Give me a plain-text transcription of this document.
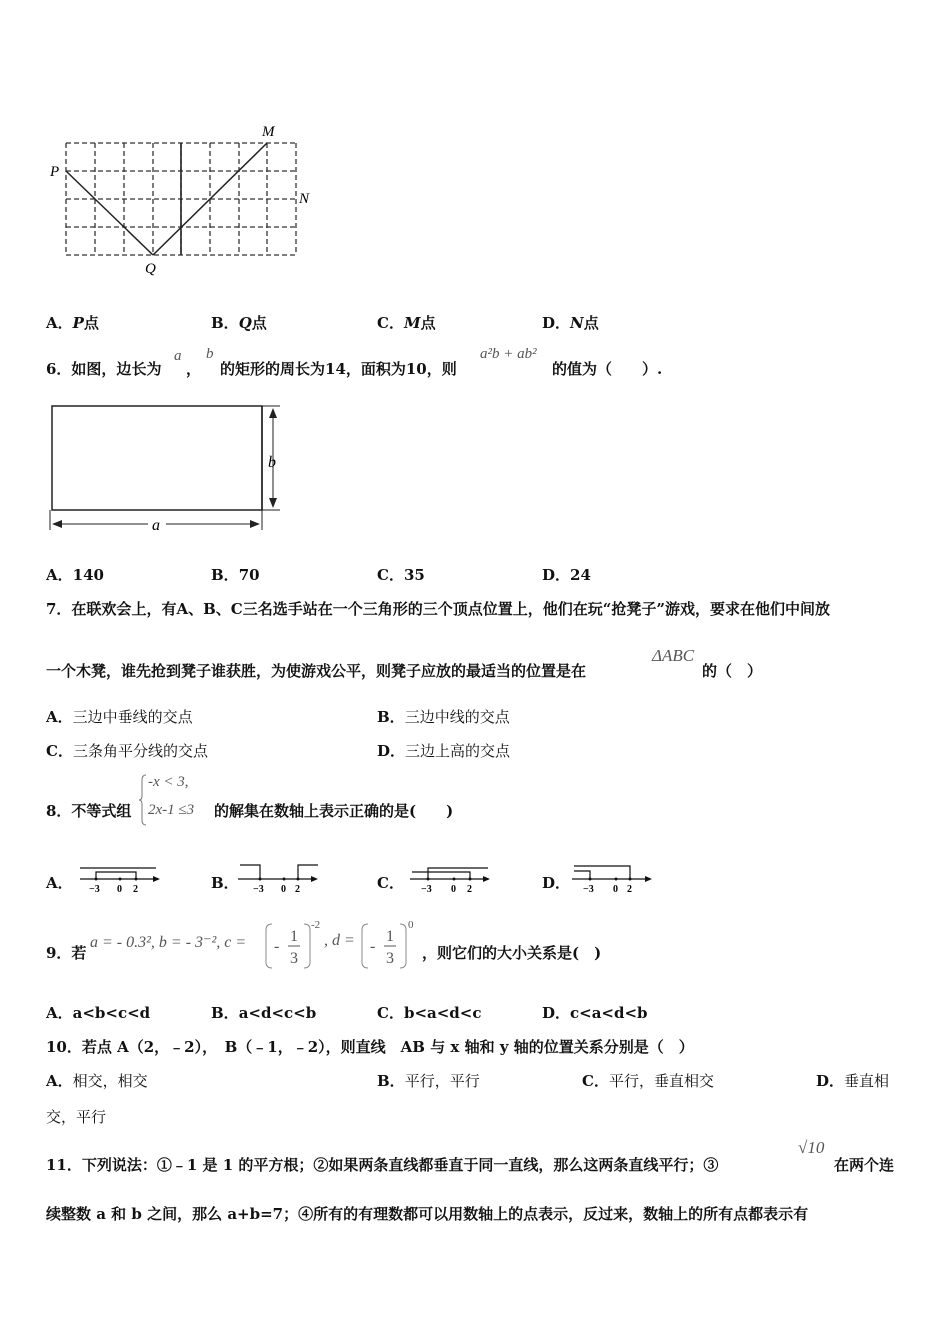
P
Q
M
N
A．P点	B．Q点	C．M点	D．N点
6．如图，边长为
a
，
b
的矩形的周长为14，面积为10，则
a²b + ab²
的值为（　　）.
b
a
A．140	B．70	C．35	D．24
7．在联欢会上，有A、B、C三名选手站在一个三角形的三个顶点位置上，他们在玩“抢凳子”游戏，要求在他们中间放
一个木凳，谁先抢到凳子谁获胜，为使游戏公平，则凳子应放的最适当的位置是在
ΔABC
的（　）
A．三边中垂线的交点	B．三边中线的交点
C．三条角平分线的交点	D．三边上高的交点
8．不等式组
-x < 3,
2x-1 ≤3 的解集在数轴上表示正确的是(　　)
A． −3 0 2	B． −3 0 2	C． −3 0 2	D． −3 0 2
9．若
a = - 0.3², b = - 3⁻², c = -
1
3
-2
, d = -
1
3
0
，则它们的大小关系是(　)
A．a<b<c<d	B．a<d<c<b	C．b<a<d<c	D．c<a<d<b
10．若点 A（2，﹣2），　B（﹣1，﹣2），则直线　AB 与 x 轴和 y 轴的位置关系分别是（　）
A．相交，相交	B．平行，平行	C．平行，垂直相交	D．垂直相
交，平行
11．下列说法：①﹣1 是 1 的平方根；②如果两条直线都垂直于同一直线，那么这两条直线平行；③
√10
在两个连
续整数 a 和 b 之间，那么 a+b=7；④所有的有理数都可以用数轴上的点表示，反过来，数轴上的所有点都表示有
